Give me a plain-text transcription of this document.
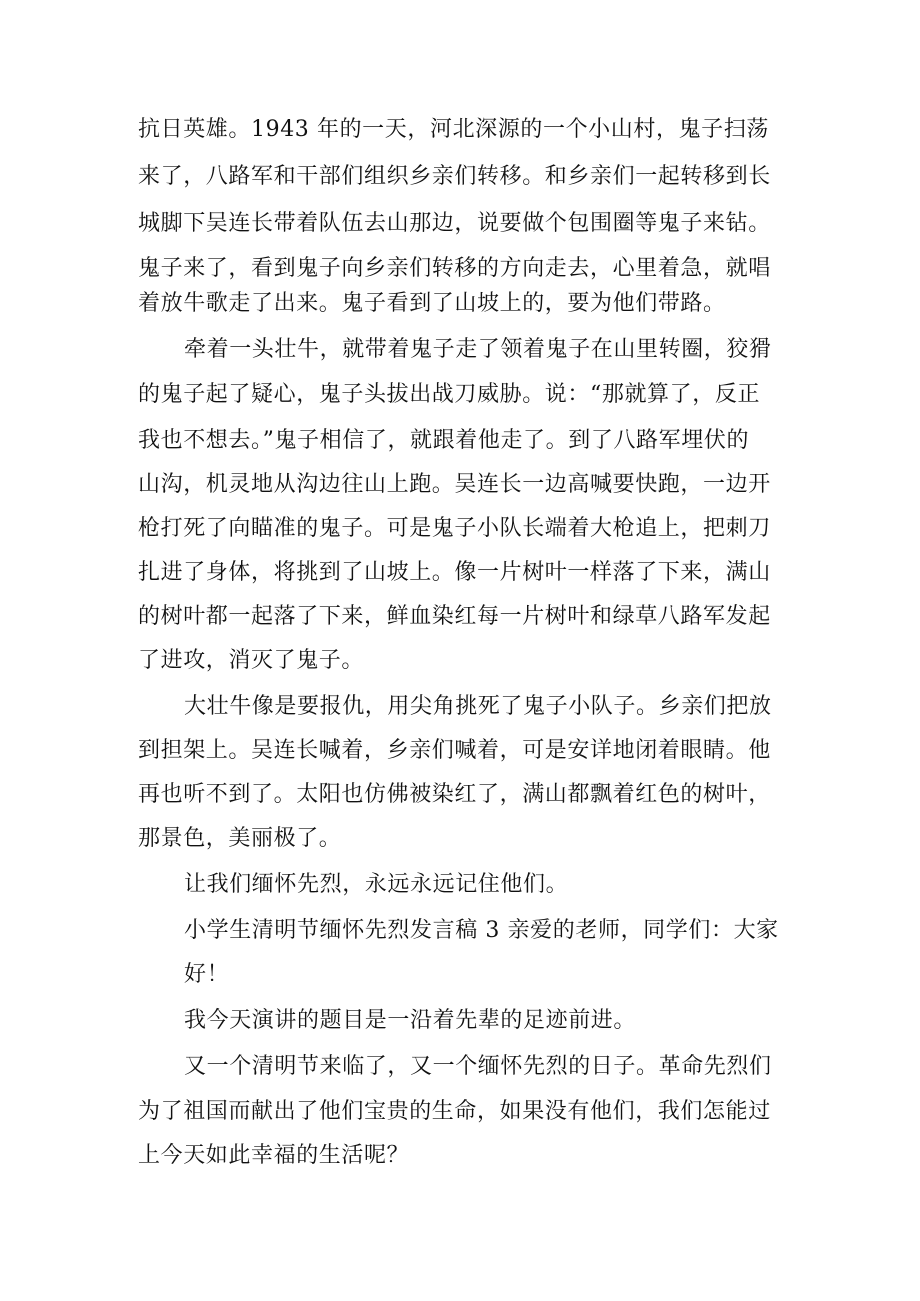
抗日英雄。1943 年的一天，河北深源的一个小山村，鬼子扫荡

来了，八路军和干部们组织乡亲们转移。和乡亲们一起转移到长

城脚下吴连长带着队伍去山那边，说要做个包围圈等鬼子来钻。

鬼子来了，看到鬼子向乡亲们转移的方向走去，心里着急，就唱

着放牛歌走了出来。鬼子看到了山坡上的，要为他们带路。

牵着一头壮牛，就带着鬼子走了领着鬼子在山里转圈，狡猾

的鬼子起了疑心，鬼子头拔出战刀威胁。说：“那就算了，反正

我也不想去。”鬼子相信了，就跟着他走了。到了八路军埋伏的

山沟，机灵地从沟边往山上跑。吴连长一边高喊要快跑，一边开

枪打死了向瞄准的鬼子。可是鬼子小队长端着大枪追上，把刺刀

扎进了身体，将挑到了山坡上。像一片树叶一样落了下来，满山

的树叶都一起落了下来，鲜血染红每一片树叶和绿草八路军发起

了进攻，消灭了鬼子。

大壮牛像是要报仇，用尖角挑死了鬼子小队子。乡亲们把放

到担架上。吴连长喊着，乡亲们喊着，可是安详地闭着眼睛。他

再也听不到了。太阳也仿佛被染红了，满山都飘着红色的树叶，

那景色，美丽极了。

让我们缅怀先烈，永远永远记住他们。

小学生清明节缅怀先烈发言稿 3 亲爱的老师，同学们：大家

好！

我今天演讲的题目是一沿着先辈的足迹前进。

又一个清明节来临了，又一个缅怀先烈的日子。革命先烈们

为了祖国而献出了他们宝贵的生命，如果没有他们，我们怎能过

上今天如此幸福的生活呢？
